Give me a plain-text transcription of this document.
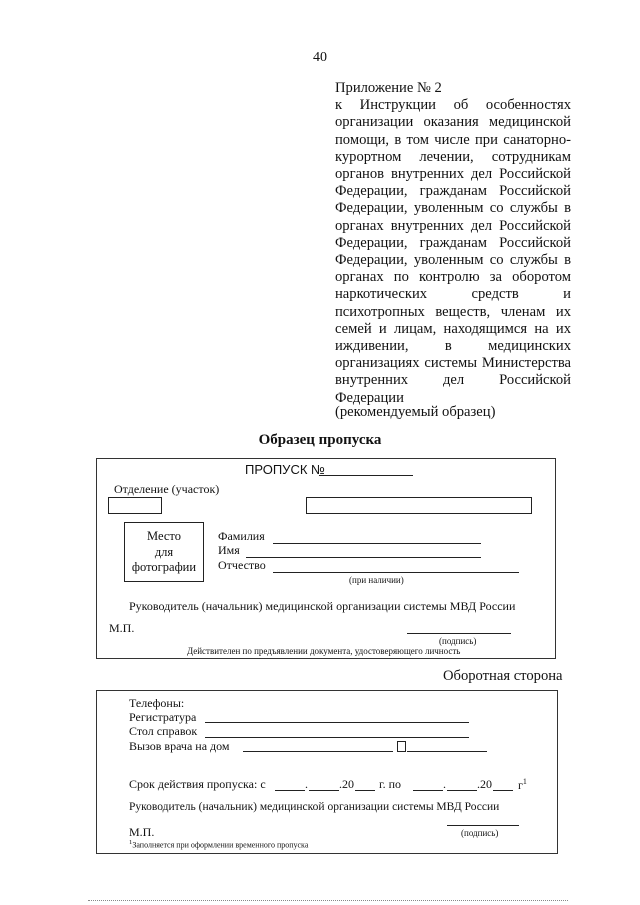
40
Приложение № 2
к Инструкции об особенностях организации оказания медицинской помощи, в том числе при санаторно-курортном лечении, сотрудникам органов внутренних дел Российской Федерации, гражданам Российской Федерации, уволенным со службы в органах внутренних дел Российской Федерации, гражданам Российской Федерации, уволенным со службы в органах по контролю за оборотом наркотических средств и психотропных веществ, членам их семей и лицам, находящимся на их иждивении, в медицинских организациях системы Министерства внутренних дел Российской Федерации
(рекомендуемый образец)
Образец пропуска
ПРОПУСК №
Отделение (участок)
Место
для
фотографии
Фамилия
Имя
Отчество
(при наличии)
Руководитель (начальник) медицинской организации системы МВД России
М.П.
(подпись)
Действителен по предъявлении документа, удостоверяющего личность
Оборотная сторона
Телефоны:
Регистратура
Стол справок
Вызов врача на дом
Срок действия пропуска: с	.	.20 г. по	.	.20 $г^1$
Руководитель (начальник) медицинской организации системы МВД России
М.П.	(подпись)
$^1$Заполняется при оформлении временного пропуска
